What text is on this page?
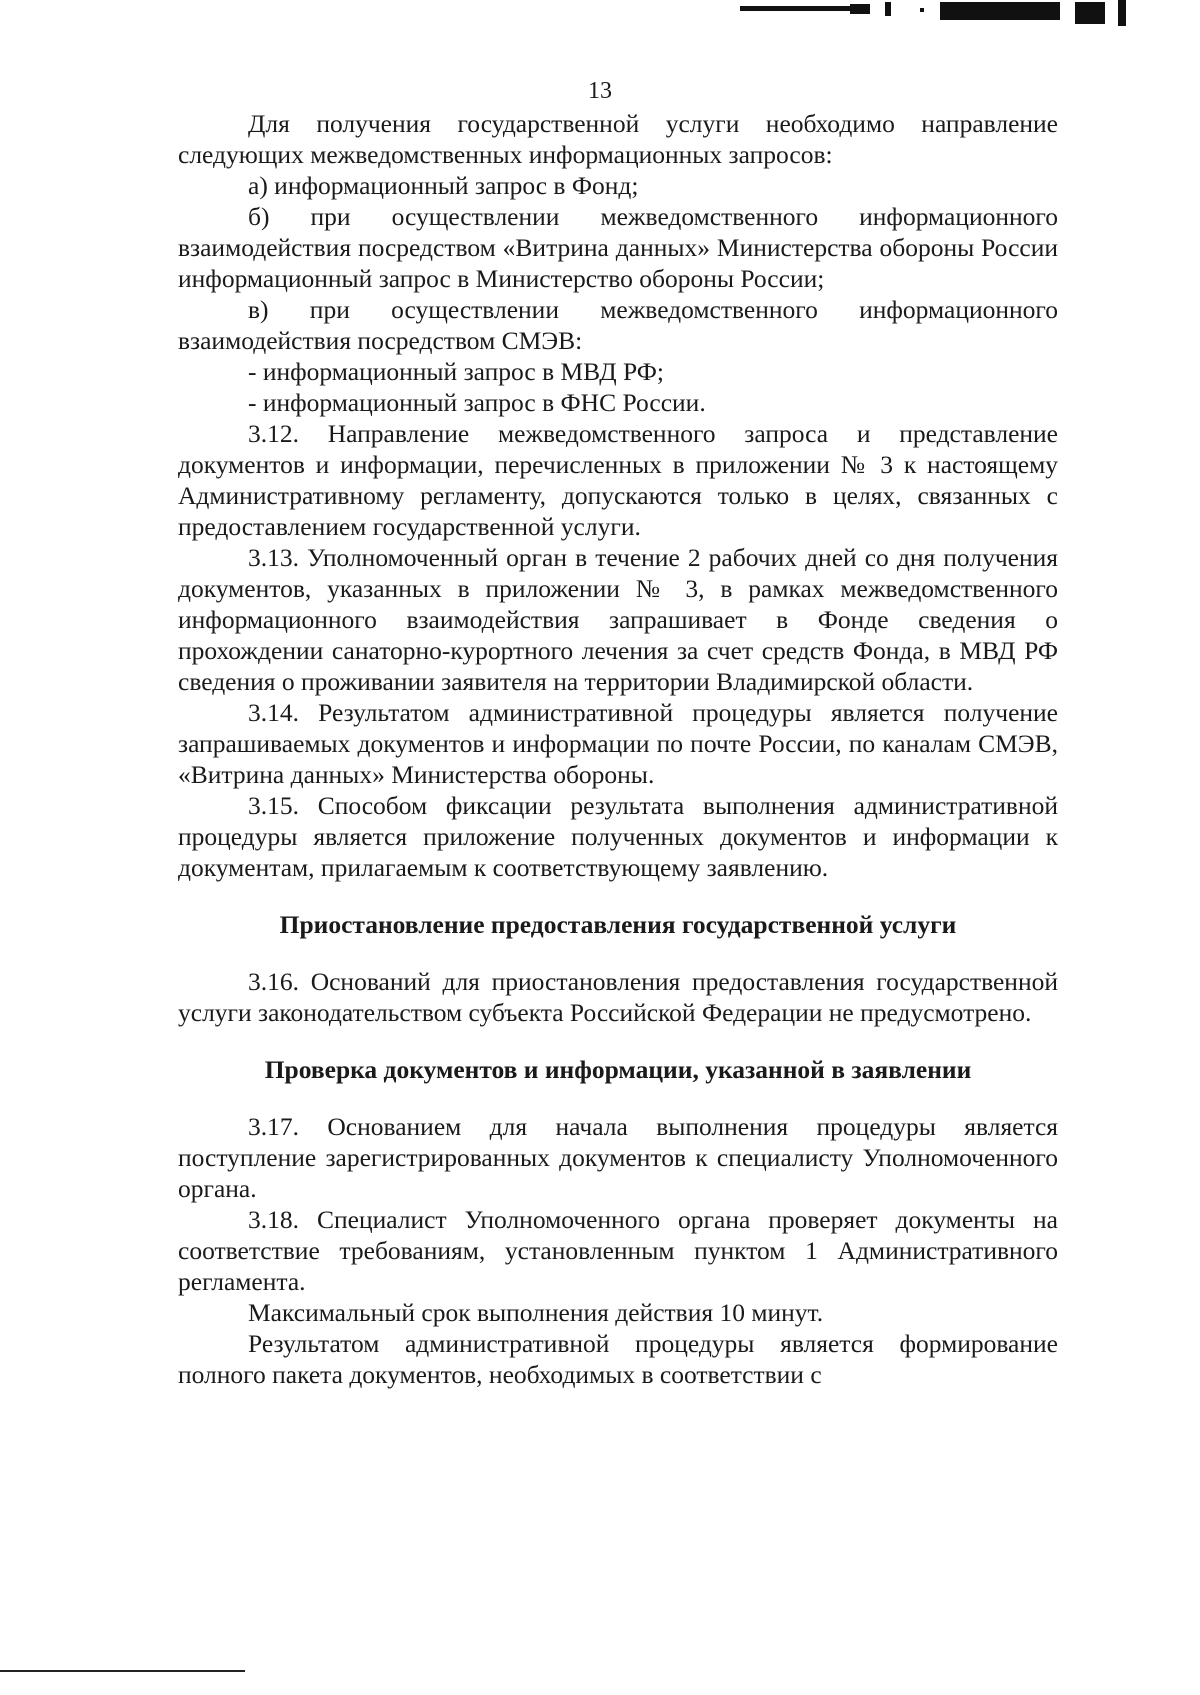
13

Для получения государственной услуги необходимо направление следующих межведомственных информационных запросов:

а) информационный запрос в Фонд;

б) при осуществлении межведомственного информационного взаимодействия посредством «Витрина данных» Министерства обороны России информационный запрос в Министерство обороны России;

в) при осуществлении межведомственного информационного взаимодействия посредством СМЭВ:

- информационный запрос в МВД РФ;

- информационный запрос в ФНС России.

3.12. Направление межведомственного запроса и представление документов и информации, перечисленных в приложении № 3 к настоящему Административному регламенту, допускаются только в целях, связанных с предоставлением государственной услуги.

3.13. Уполномоченный орган в течение 2 рабочих дней со дня получения документов, указанных в приложении № 3, в рамках межведомственного информационного взаимодействия запрашивает в Фонде сведения о прохождении санаторно-курортного лечения за счет средств Фонда, в МВД РФ сведения о проживании заявителя на территории Владимирской области.

3.14. Результатом административной процедуры является получение запрашиваемых документов и информации по почте России, по каналам СМЭВ, «Витрина данных» Министерства обороны.

3.15. Способом фиксации результата выполнения административной процедуры является приложение полученных документов и информации к документам, прилагаемым к соответствующему заявлению.

Приостановление предоставления государственной услуги

3.16. Оснований для приостановления предоставления государственной услуги законодательством субъекта Российской Федерации не предусмотрено.

Проверка документов и информации, указанной в заявлении

3.17. Основанием для начала выполнения процедуры является поступление зарегистрированных документов к специалисту Уполномоченного органа.

3.18. Специалист Уполномоченного органа проверяет документы на соответствие требованиям, установленным пунктом 1 Административного регламента.

Максимальный срок выполнения действия 10 минут.

Результатом административной процедуры является формирование полного пакета документов, необходимых в соответствии с
